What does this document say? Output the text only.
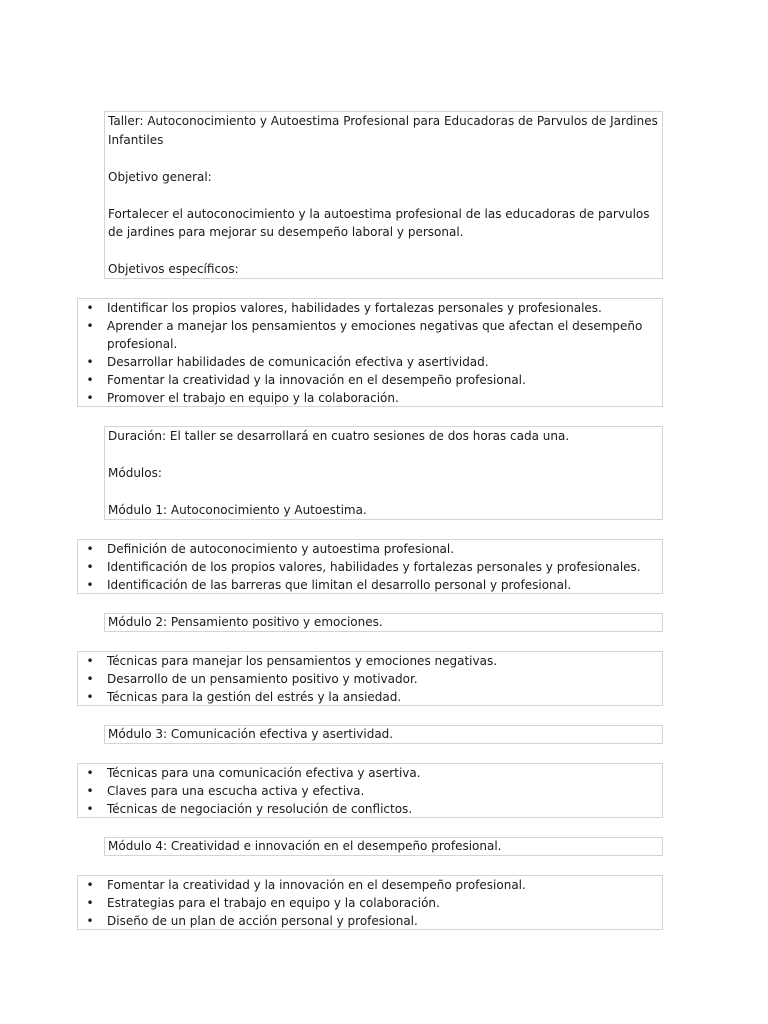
Taller: Autoconocimiento y Autoestima Profesional para Educadoras de Parvulos de Jardines Infantiles

Objetivo general:

Fortalecer el autoconocimiento y la autoestima profesional de las educadoras de parvulos de jardines para mejorar su desempeño laboral y personal.

Objetivos específicos:

• Identificar los propios valores, habilidades y fortalezas personales y profesionales.
• Aprender a manejar los pensamientos y emociones negativas que afectan el desempeño profesional.
• Desarrollar habilidades de comunicación efectiva y asertividad.
• Fomentar la creatividad y la innovación en el desempeño profesional.
• Promover el trabajo en equipo y la colaboración.

Duración: El taller se desarrollará en cuatro sesiones de dos horas cada una.

Módulos:

Módulo 1: Autoconocimiento y Autoestima.

• Definición de autoconocimiento y autoestima profesional.
• Identificación de los propios valores, habilidades y fortalezas personales y profesionales.
• Identificación de las barreras que limitan el desarrollo personal y profesional.

Módulo 2: Pensamiento positivo y emociones.

• Técnicas para manejar los pensamientos y emociones negativas.
• Desarrollo de un pensamiento positivo y motivador.
• Técnicas para la gestión del estrés y la ansiedad.

Módulo 3: Comunicación efectiva y asertividad.

• Técnicas para una comunicación efectiva y asertiva.
• Claves para una escucha activa y efectiva.
• Técnicas de negociación y resolución de conflictos.

Módulo 4: Creatividad e innovación en el desempeño profesional.

• Fomentar la creatividad y la innovación en el desempeño profesional.
• Estrategias para el trabajo en equipo y la colaboración.
• Diseño de un plan de acción personal y profesional.
